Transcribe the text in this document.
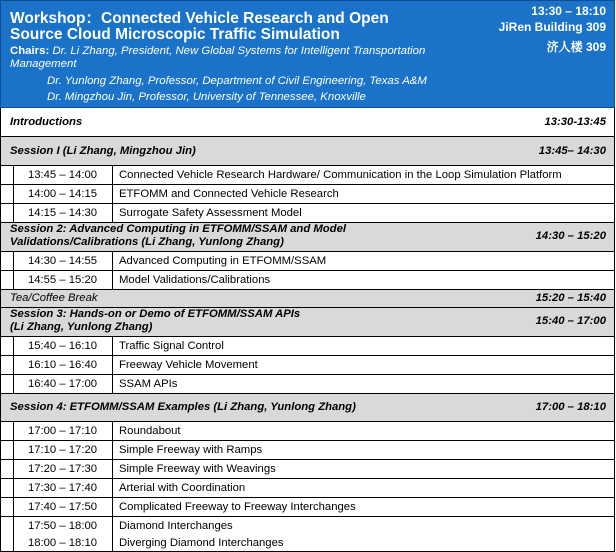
Workshop：Connected Vehicle Research and Open
Source Cloud Microscopic Traffic Simulation
13:30 – 18:10
JiRen Building 309
济人楼 309
Chairs: Dr. Li Zhang, President, New Global Systems for Intelligent Transportation Management
Dr. Yunlong Zhang, Professor, Department of Civil Engineering, Texas A&M
Dr. Mingzhou Jin, Professor, University of Tennessee, Knoxville
Introductions	13:30-13:45
Session I (Li Zhang, Mingzhou Jin)	13:45– 14:30
13:45 – 14:00	Connected Vehicle Research Hardware/ Communication in the Loop Simulation Platform
14:00 – 14:15	ETFOMM and Connected Vehicle Research
14:15 – 14:30	Surrogate Safety Assessment Model
Session 2: Advanced Computing in ETFOMM/SSAM and Model
Validations/Calibrations (Li Zhang, Yunlong Zhang)	14:30 – 15:20
14:30 – 14:55	Advanced Computing in ETFOMM/SSAM
14:55 – 15:20	Model Validations/Calibrations
Tea/Coffee Break	15:20 – 15:40
Session 3: Hands-on or Demo of ETFOMM/SSAM APIs
(Li Zhang, Yunlong Zhang)	15:40 – 17:00
15:40 – 16:10	Traffic Signal Control
16:10 – 16:40	Freeway Vehicle Movement
16:40 – 17:00	SSAM APIs
Session 4: ETFOMM/SSAM Examples (Li Zhang, Yunlong Zhang)	17:00 – 18:10
17:00 – 17:10	Roundabout
17:10 – 17:20	Simple Freeway with Ramps
17:20 – 17:30	Simple Freeway with Weavings
17:30 – 17:40	Arterial with Coordination
17:40 – 17:50	Complicated Freeway to Freeway Interchanges
17:50 – 18:00	Diamond Interchanges
18:00 – 18:10	Diverging Diamond Interchanges
